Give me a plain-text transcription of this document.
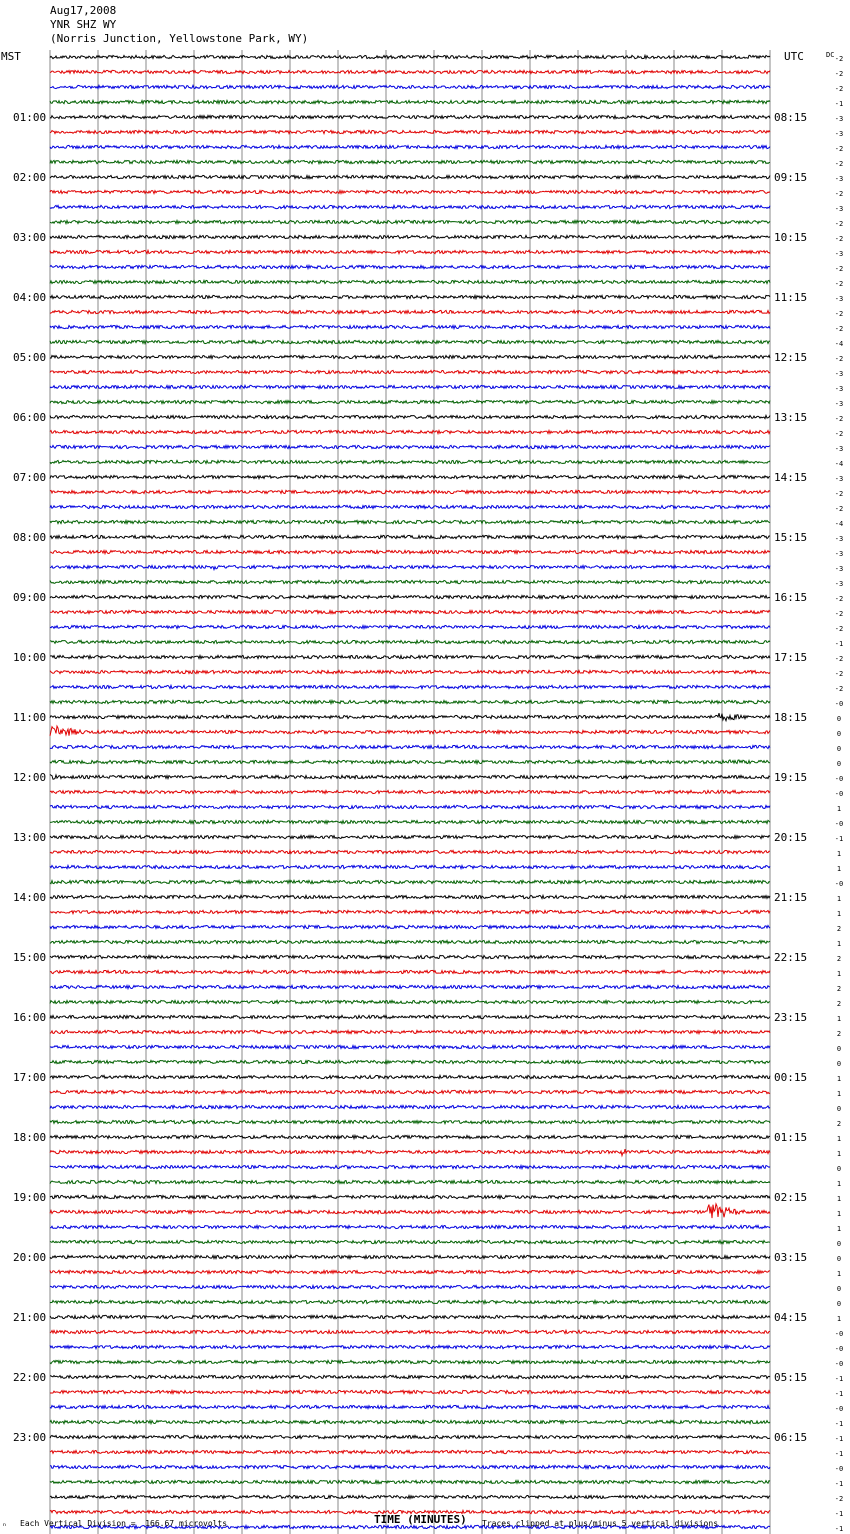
Aug17,2008
YNR SHZ WY
(Norris Junction, Yellowstone Park, WY)
MST	UTC	-2
-2
-2
-1
-3
01:00	08:15
-3
-2
-2
-3
02:00	09:15
-2
-3
-2
-2
03:00	10:15
-3
-2
-2
-3
04:00	11:15
-2
-2
-4
-2
05:00	12:15
-3
-3
-3
-2
06:00	13:15
-2
-3
-4
-3
07:00	14:15
-2
-2
-4
-3
08:00	15:15
-3
-3
-3
-2
09:00	16:15
-2
-2
-1
-2
10:00	17:15
-2
-2
-0
0
11:00	18:15
0
0
0
-0
12:00	19:15
-0
1
-0
-1
13:00	20:15
1
1
-0
1
14:00	21:15
1
2
1
2
15:00	22:15
1
2
2
1
16:00	23:15
2
0
0
1
17:00	00:15
1
0
2
1
18:00	01:15
1
0
1
1
19:00	02:15
1
1
0
0
20:00	03:15
1
0
0
1
21:00	04:15
-0
-0
-0
-1
22:00	05:15
-1
-0
-1
-1
23:00	06:15
-1
-0
-1
-2
-1
-1
DC
ₙ Each Vertical Division =  166.67 microvolts	TIME (MINUTES) Traces clipped at plus/minus 5 vertical divisions
